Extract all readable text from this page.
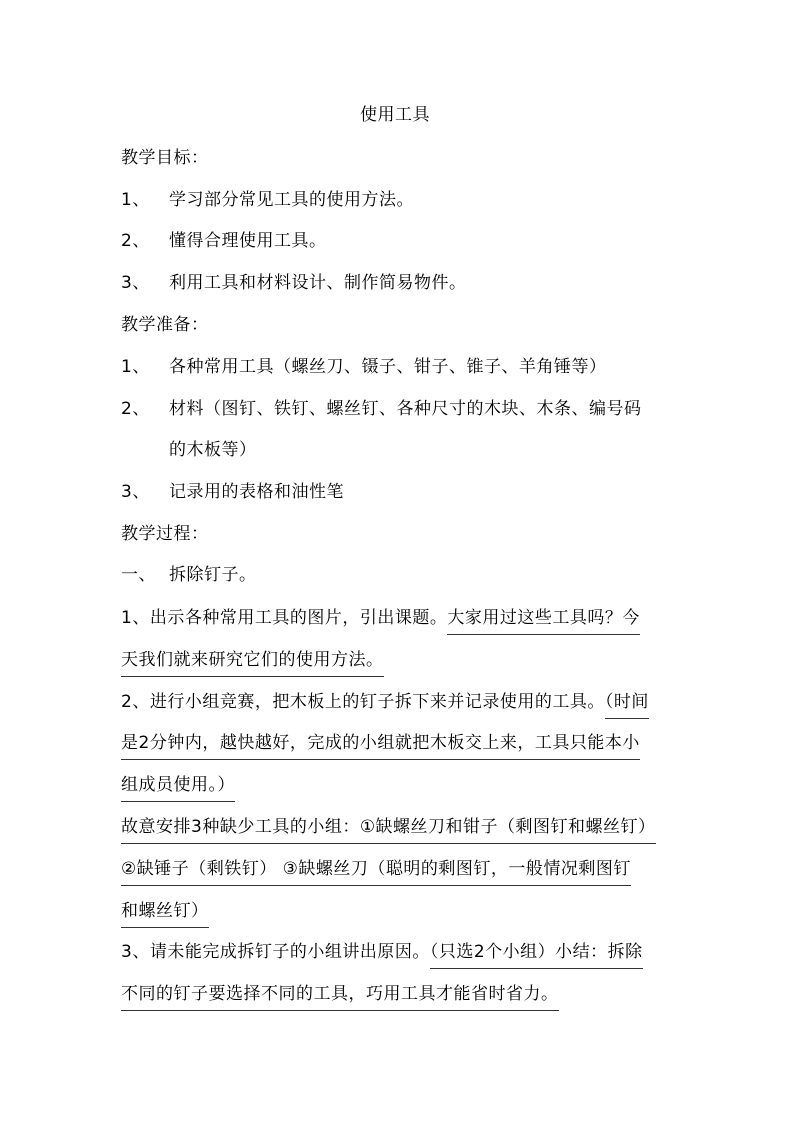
使用工具
教学目标：
1、 学习部分常见工具的使用方法。
2、 懂得合理使用工具。
3、 利用工具和材料设计、制作简易物件。
教学准备：
1、 各种常用工具（螺丝刀、镊子、钳子、锥子、羊角锤等）
2、 材料（图钉、铁钉、螺丝钉、各种尺寸的木块、木条、编号码
的木板等）
3、 记录用的表格和油性笔
教学过程：
一、 拆除钉子。
1、出示各种常用工具的图片，引出课题。大家用过这些工具吗？今
天我们就来研究它们的使用方法。
2、进行小组竞赛，把木板上的钉子拆下来并记录使用的工具。（时间
是2分钟内，越快越好，完成的小组就把木板交上来，工具只能本小
组成员使用。）
故意安排3种缺少工具的小组：①缺螺丝刀和钳子（剩图钉和螺丝钉）
②缺锤子（剩铁钉） ③缺螺丝刀（聪明的剩图钉，一般情况剩图钉
和螺丝钉）
3、请未能完成拆钉子的小组讲出原因。（只选2个小组）小结：拆除
不同的钉子要选择不同的工具，巧用工具才能省时省力。
